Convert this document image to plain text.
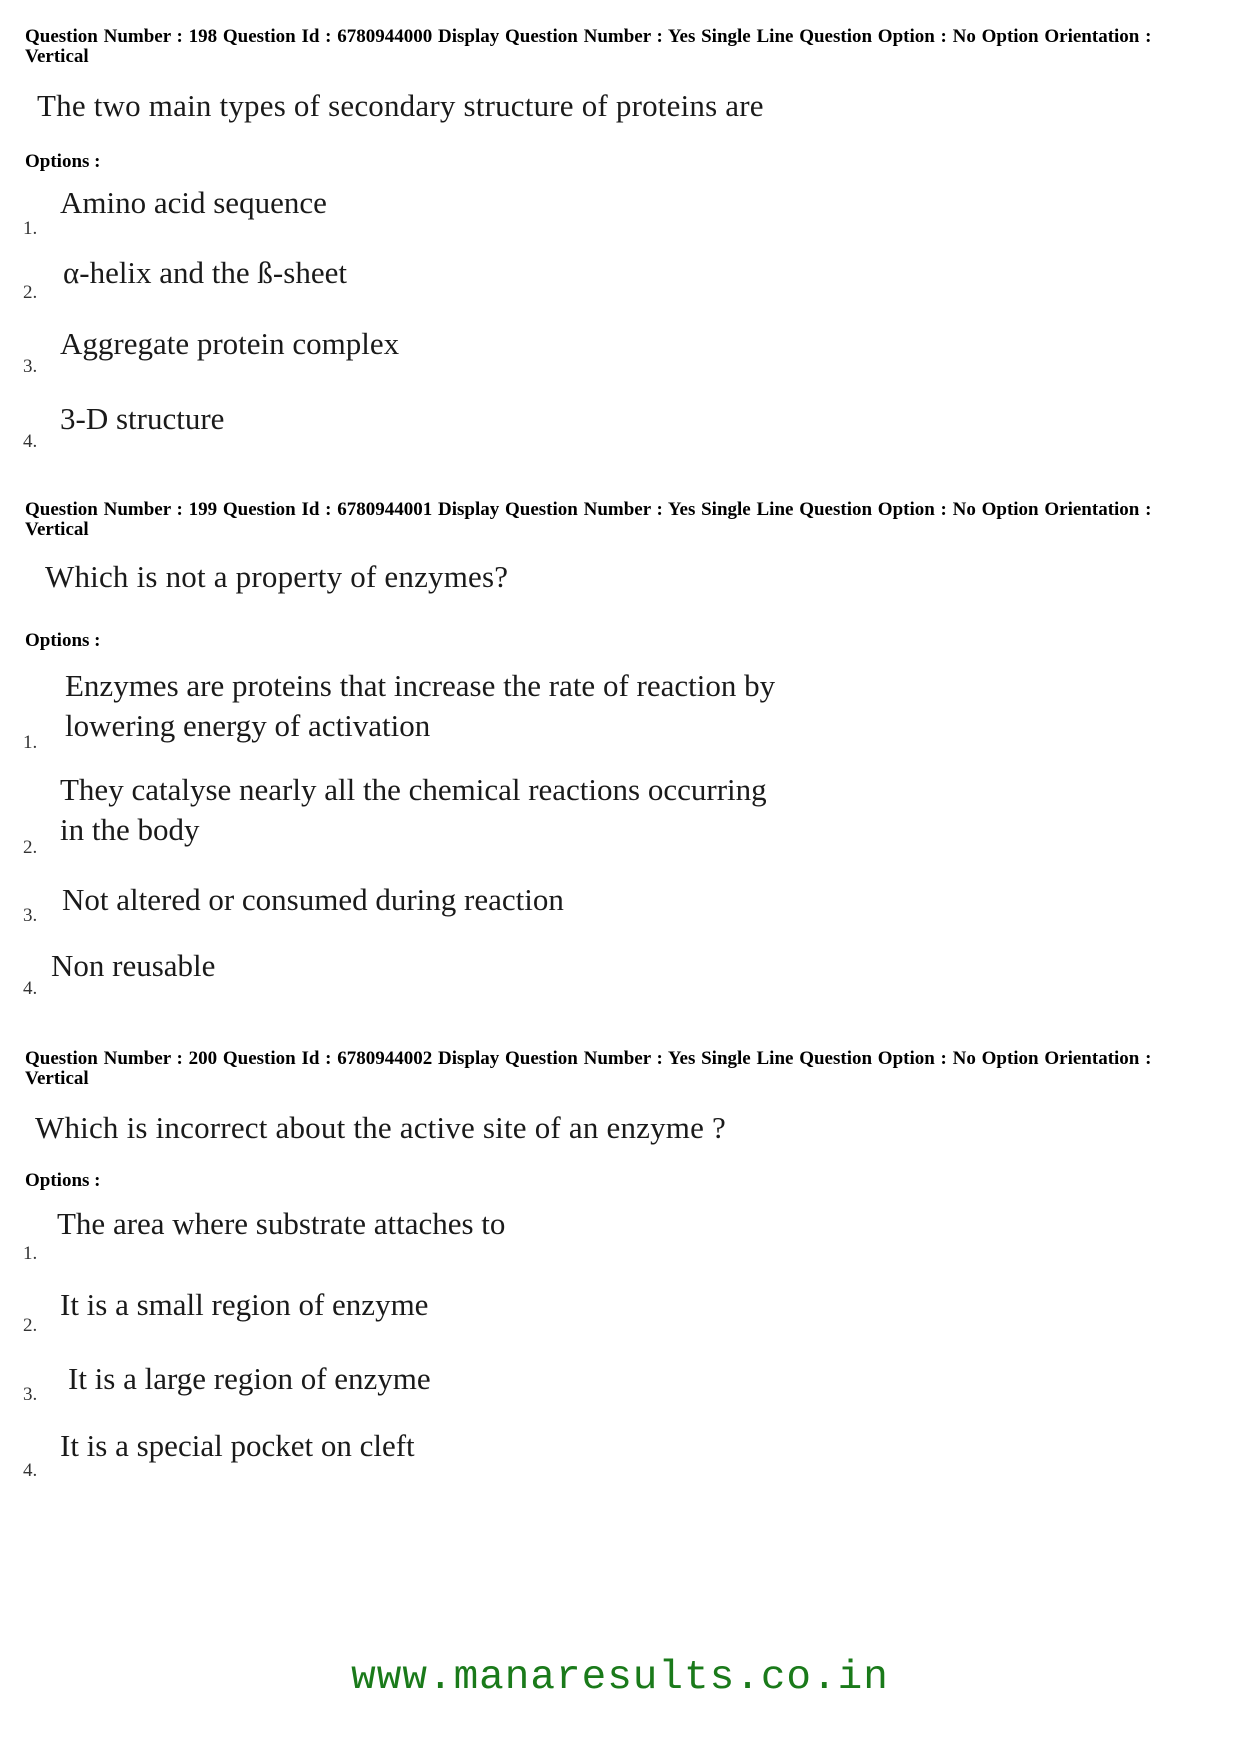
Question Number : 198 Question Id : 6780944000 Display Question Number : Yes Single Line Question Option : No Option Orientation : Vertical
The two main types of secondary structure of proteins are
Options :
1.
Amino acid sequence
2.
α-helix and the ß-sheet
3.
Aggregate protein complex
4.
3-D structure
Question Number : 199 Question Id : 6780944001 Display Question Number : Yes Single Line Question Option : No Option Orientation : Vertical
Which is not a property of enzymes?
Options :
1.
Enzymes are proteins that increase the rate of reaction by
lowering energy of activation
2.
They catalyse nearly all the chemical reactions occurring
in the body
3. Not altered or consumed during reaction
4.
Non reusable
Question Number : 200 Question Id : 6780944002 Display Question Number : Yes Single Line Question Option : No Option Orientation : Vertical
Which is incorrect about the active site of an enzyme ?
Options :
1.
The area where substrate attaches to
2.
It is a small region of enzyme
3. It is a large region of enzyme
4.
It is a special pocket on cleft
www.manaresults.co.in
